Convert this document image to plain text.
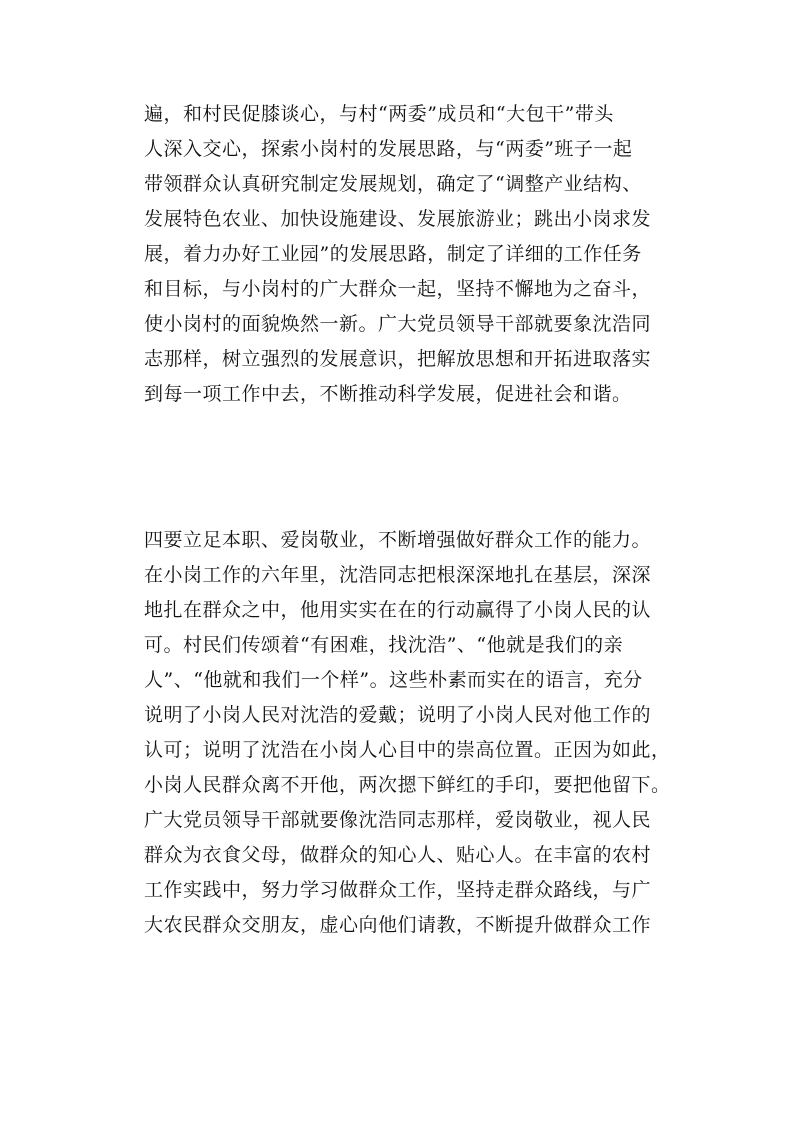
遍，和村民促膝谈心，与村“两委”成员和“大包干”带头
人深入交心，探索小岗村的发展思路，与“两委”班子一起
带领群众认真研究制定发展规划，确定了“调整产业结构、
发展特色农业、加快设施建设、发展旅游业；跳出小岗求发
展，着力办好工业园”的发展思路，制定了详细的工作任务
和目标，与小岗村的广大群众一起，坚持不懈地为之奋斗，
使小岗村的面貌焕然一新。广大党员领导干部就要象沈浩同
志那样，树立强烈的发展意识，把解放思想和开拓进取落实
到每一项工作中去，不断推动科学发展，促进社会和谐。
四要立足本职、爱岗敬业，不断增强做好群众工作的能力。
在小岗工作的六年里，沈浩同志把根深深地扎在基层，深深
地扎在群众之中，他用实实在在的行动赢得了小岗人民的认
可。村民们传颂着“有困难，找沈浩”、“他就是我们的亲
人”、“他就和我们一个样”。这些朴素而实在的语言，充分
说明了小岗人民对沈浩的爱戴；说明了小岗人民对他工作的
认可；说明了沈浩在小岗人心目中的崇高位置。正因为如此，
小岗人民群众离不开他，两次摁下鲜红的手印，要把他留下。
广大党员领导干部就要像沈浩同志那样，爱岗敬业，视人民
群众为衣食父母，做群众的知心人、贴心人。在丰富的农村
工作实践中，努力学习做群众工作，坚持走群众路线，与广
大农民群众交朋友，虚心向他们请教，不断提升做群众工作
